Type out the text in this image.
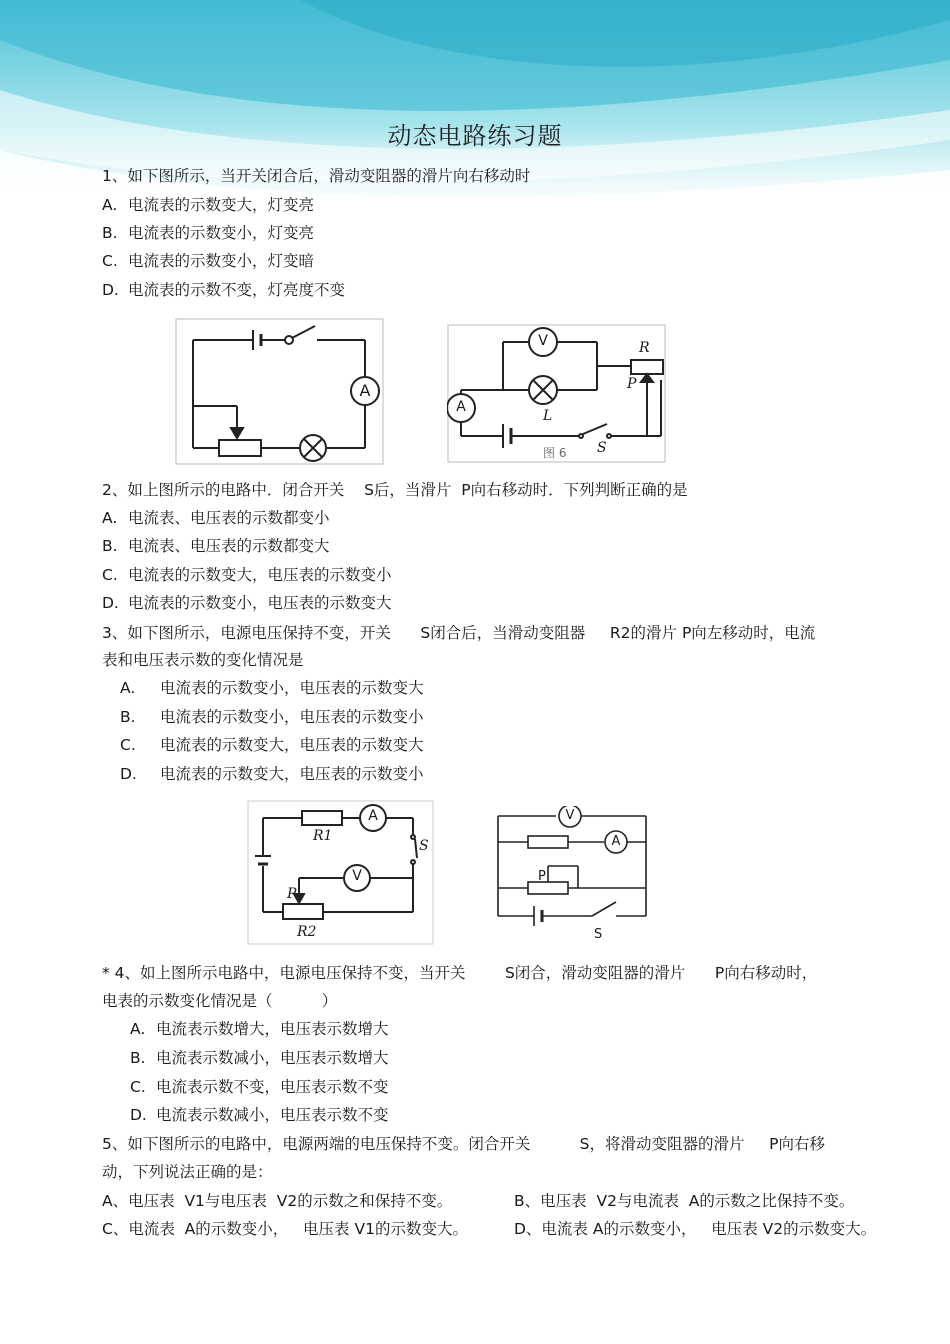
动态电路练习题
1、如下图所示，当开关闭合后，滑动变阻器的滑片向右移动时
A. 电流表的示数变大，灯变亮
B. 电流表的示数变小，灯变亮
C. 电流表的示数变小，灯变暗
D. 电流表的示数不变，灯亮度不变
A
V
A
R
P
L
S
图 6
2、如上图所示的电路中．闭合开关    S后，当滑片  P向右移动时．下列判断正确的是
A. 电流表、电压表的示数都变小
B. 电流表、电压表的示数都变大
C. 电流表的示数变大，电压表的示数变小
D. 电流表的示数变小，电压表的示数变大
3、如下图所示，电源电压保持不变，开关      S闭合后，当滑动变阻器     R2的滑片 P向左移动时，电流
表和电压表示数的变化情况是
A. 电流表的示数变小，电压表的示数变大
B. 电流表的示数变小，电压表的示数变小
C. 电流表的示数变大，电压表的示数变大
D. 电流表的示数变大，电压表的示数变小
A
V
R1
S
P
R2
V
A
P
S
* 4、如上图所示电路中，电源电压保持不变，当开关        S闭合，滑动变阻器的滑片      P向右移动时，
电表的示数变化情况是（          ）
A. 电流表示数增大，电压表示数增大
B. 电流表示数减小，电压表示数增大
C. 电流表示数不变，电压表示数不变
D. 电流表示数减小，电压表示数不变
5、如下图所示的电路中，电源两端的电压保持不变。闭合开关          S，将滑动变阻器的滑片     P向右移
动，下列说法正确的是：
A、电压表  V1与电压表  V2的示数之和保持不变。	B、电压表  V2与电流表  A的示数之比保持不变。
C、电流表  A的示数变小，   电压表 V1的示数变大。	D、电流表 A的示数变小，   电压表 V2的示数变大。
